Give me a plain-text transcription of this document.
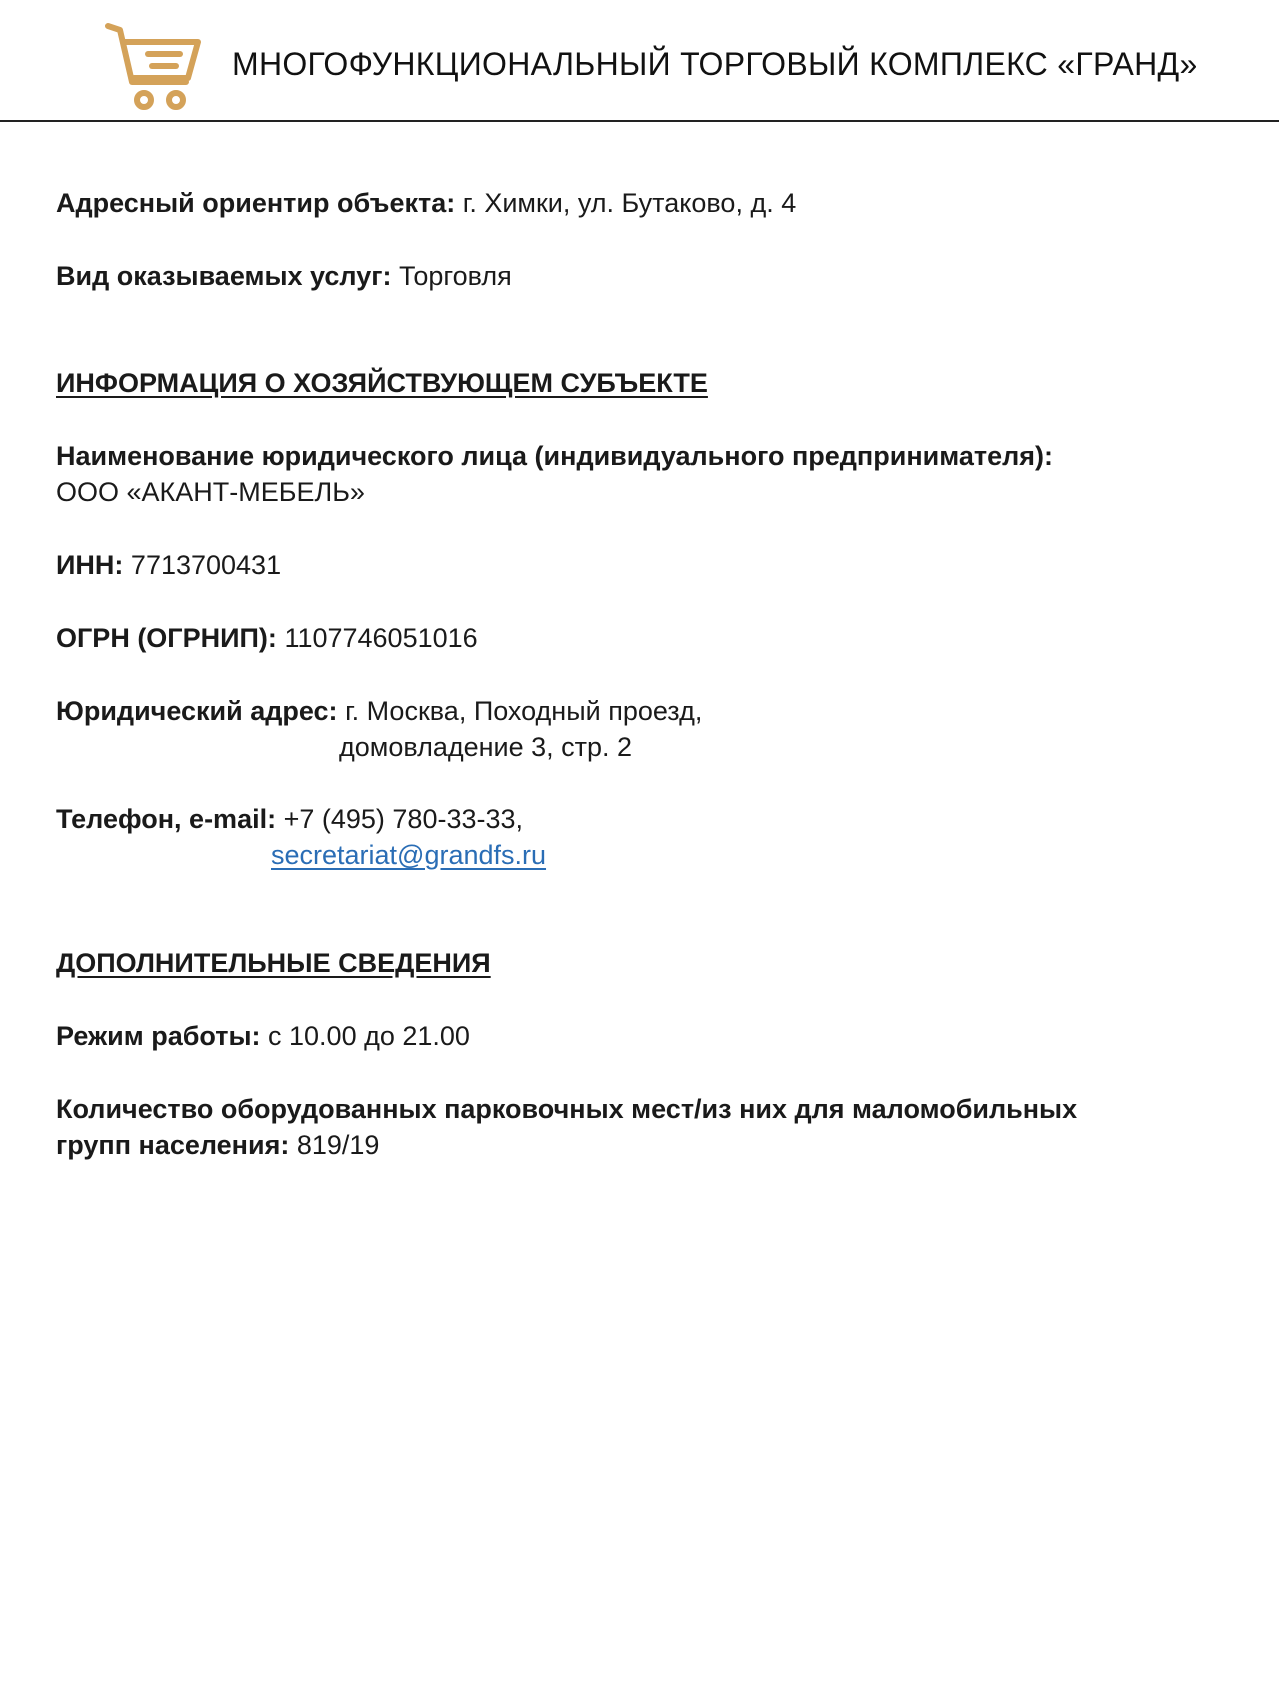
МНОГОФУНКЦИОНАЛЬНЫЙ ТОРГОВЫЙ КОМПЛЕКС «ГРАНД»
Адресный ориентир объекта: г. Химки, ул. Бутаково, д. 4
Вид оказываемых услуг: Торговля
ИНФОРМАЦИЯ О ХОЗЯЙСТВУЮЩЕМ СУБЪЕКТЕ
Наименование юридического лица (индивидуального предпринимателя):
ООО «АКАНТ-МЕБЕЛЬ»
ИНН: 7713700431
ОГРН (ОГРНИП): 1107746051016
Юридический адрес: г. Москва, Походный проезд,
домовладение 3, стр. 2
Телефон, e-mail: +7 (495) 780-33-33,
secretariat@grandfs.ru
ДОПОЛНИТЕЛЬНЫЕ СВЕДЕНИЯ
Режим работы: с 10.00 до 21.00
Количество оборудованных парковочных мест/из них для маломобильных
групп населения: 819/19
